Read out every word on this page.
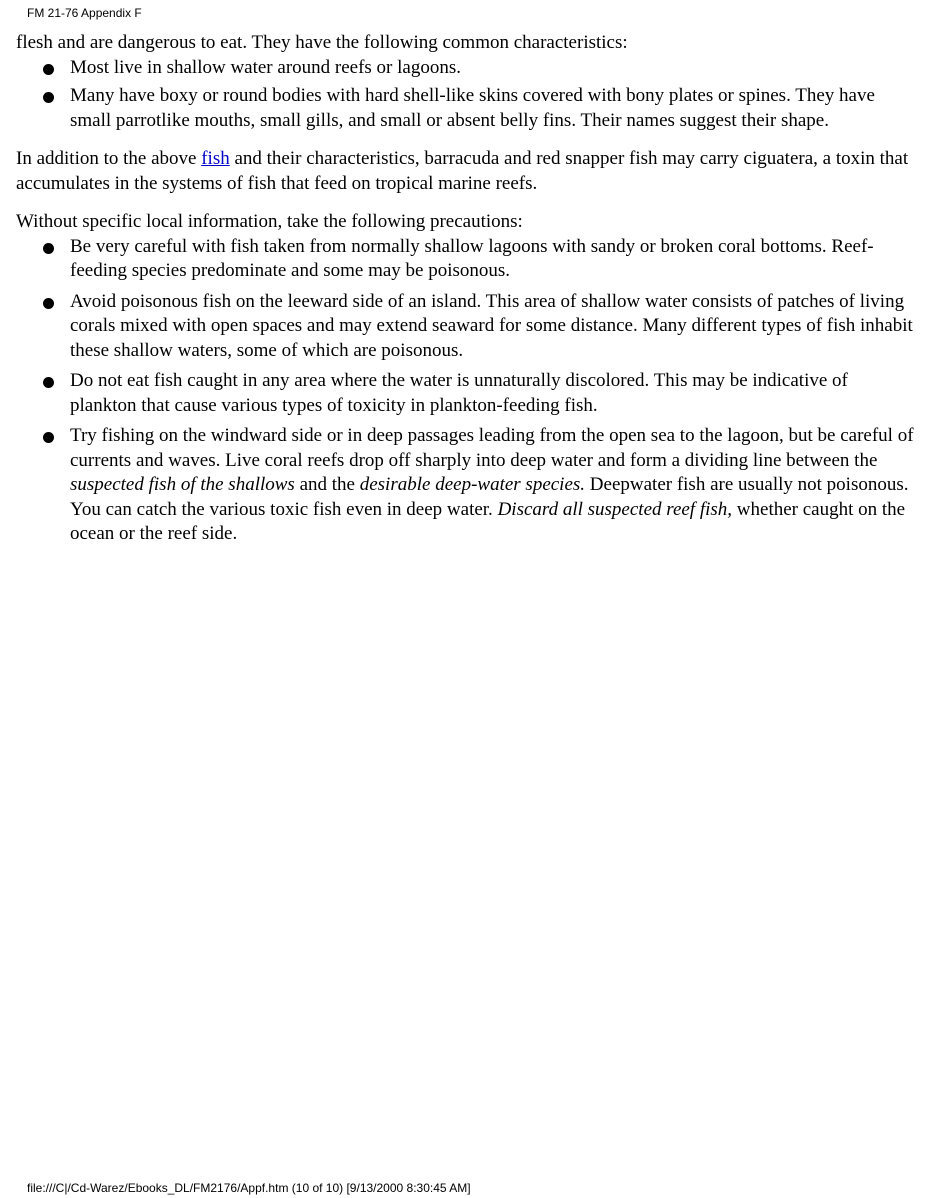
FM 21-76 Appendix F

flesh and are dangerous to eat. They have the following common characteristics:

Most live in shallow water around reefs or lagoons.
Many have boxy or round bodies with hard shell-like skins covered with bony plates or spines. They have small parrotlike mouths, small gills, and small or absent belly fins. Their names suggest their shape.

In addition to the above fish and their characteristics, barracuda and red snapper fish may carry ciguatera, a toxin that accumulates in the systems of fish that feed on tropical marine reefs.

Without specific local information, take the following precautions:

Be very careful with fish taken from normally shallow lagoons with sandy or broken coral bottoms. Reef-feeding species predominate and some may be poisonous.
Avoid poisonous fish on the leeward side of an island. This area of shallow water consists of patches of living corals mixed with open spaces and may extend seaward for some distance. Many different types of fish inhabit these shallow waters, some of which are poisonous.
Do not eat fish caught in any area where the water is unnaturally discolored. This may be indicative of plankton that cause various types of toxicity in plankton-feeding fish.
Try fishing on the windward side or in deep passages leading from the open sea to the lagoon, but be careful of currents and waves. Live coral reefs drop off sharply into deep water and form a dividing line between the suspected fish of the shallows and the desirable deep-water species. Deepwater fish are usually not poisonous. You can catch the various toxic fish even in deep water. Discard all suspected reef fish, whether caught on the ocean or the reef side.
file:///C|/Cd-Warez/Ebooks_DL/FM2176/Appf.htm (10 of 10) [9/13/2000 8:30:45 AM]
